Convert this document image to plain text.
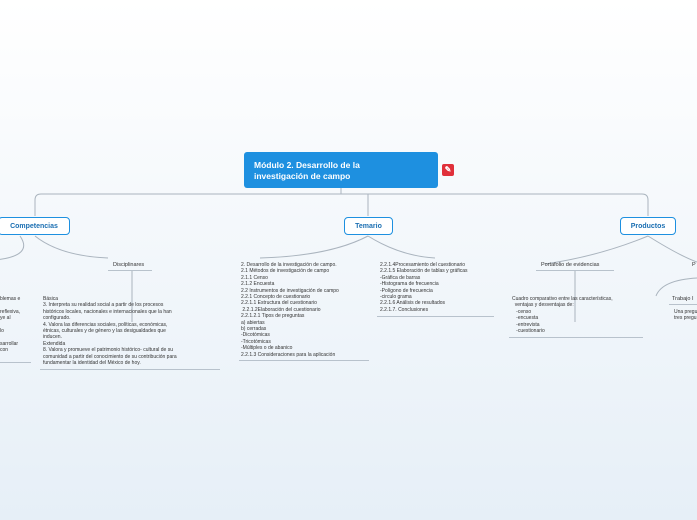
Módulo 2. Desarrollo de la
investigación de campo
✎
Competencias	Temario	Productos
blemas e

reflexiva,
ye al

lo

sarrollar
con
Disciplinares
Básica
3. Interpreta su realidad social a partir de los procesos
históricos locales, nacionales e internacionales que la han
configurado.
4. Valora las diferencias sociales, políticas, económicas,
étnicas, culturales y de género y las desigualdades que
inducen.
Extendida
8. Valora y promueve el patrimonio histórico- cultural de su
comunidad a partir del conocimiento de su contribución para
fundamentar la identidad del México de hoy.
2. Desarrollo de la investigación de campo.
2.1 Métodos de investigación de campo
2.1.1 Censo
2.1.2 Encuesta
2.2 Instrumentos de investigación de campo
2.2.1 Concepto de cuestionario
2.2.1.1 Estructura del cuestionario
2.2.1.2Elaboración del cuestionario
2.2.1.2.1 Tipos de preguntas
a) abiertas
b) cerradas
-Dicotómicas
-Tricotómicas
-Múltiples o de abanico
2.2.1.3 Consideraciones para la aplicación
2.2.1.4Procesamiento del cuestionario
2.2.1.5 Elaboración de tablas y gráficas
-Gráfica de barras
-Histograma de frecuencia
-Polígono de frecuencia
-circulo grama
2.2.1.6 Análisis de resultados
2.2.1.7. Conclusiones
Portafolio de evidencias	P
Cuadro comparativo entre las características,
ventajas y desventajas de:
-censo
-encuesta
-entrevista
-cuestionario
Trabajo I
Una pregu
tres pregu
